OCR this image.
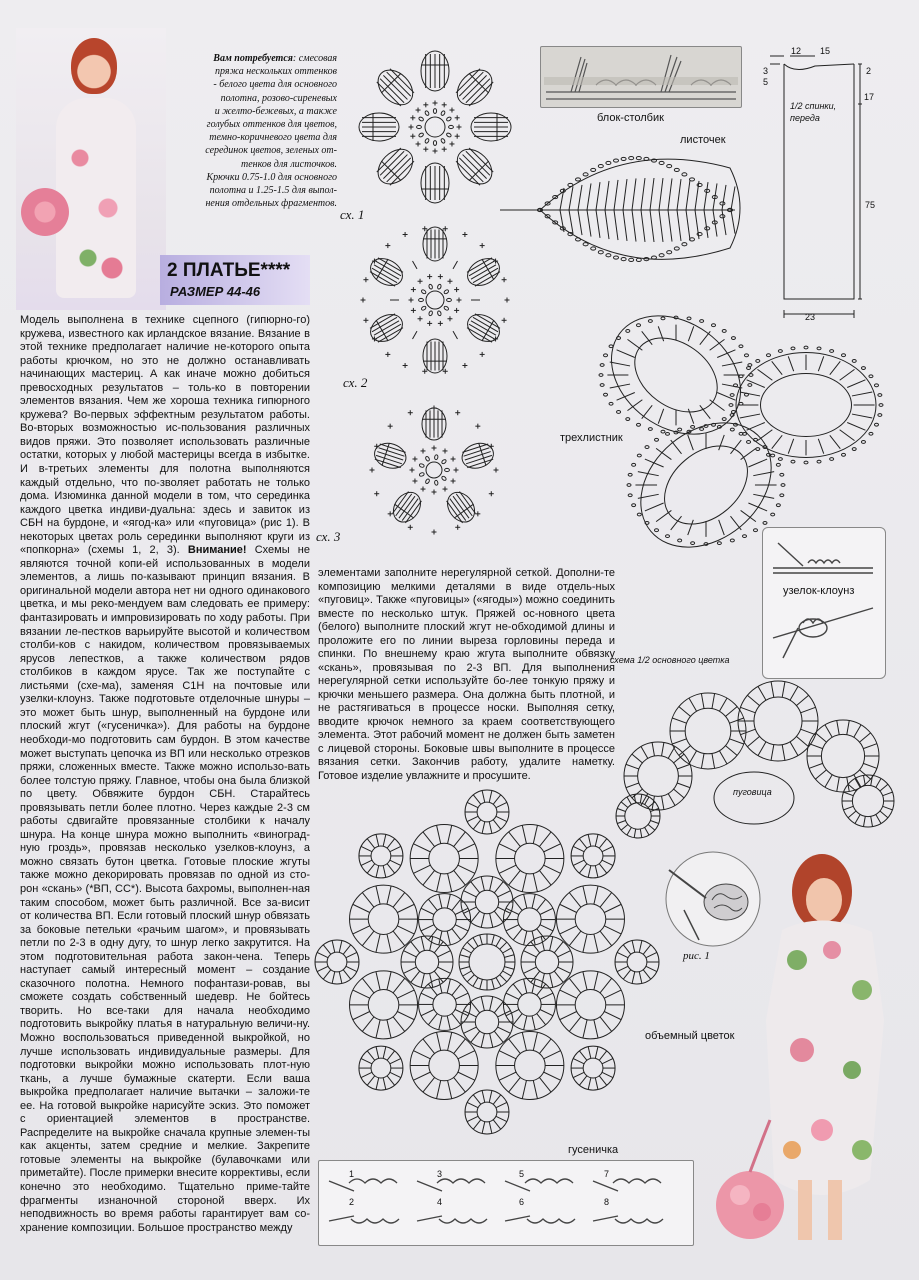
Вам потребуется: смесовая
пряжа нескольких оттенков
- белого цвета для основного
полотна, розово-сиреневых
и желто-бежевых, а также
голубых оттенков для цветов,
темно-коричневого цвета для
серединок цветов, зеленых от-
тенков для листочков.
Крючки 0.75-1.0 для основного
полотна и 1.25-1.5 для выпол-
нения отдельных фрагментов.
2 ПЛАТЬЕ****
РАЗМЕР 44-46
Модель выполнена в технике сцепного (гипюрно-го) кружева, известного как ирландское вязание. Вязание в этой технике предполагает наличие не-которого опыта работы крючком, но это не должно останавливать начинающих мастериц. А как иначе можно добиться превосходных результатов – толь-ко в повторении элементов вязания. Чем же хороша техника гипюрного кружева? Во-первых эффектным результатом работы. Во-вторых возможностью ис-пользования различных видов пряжи. Это позволяет использовать различные остатки, которых у любой мастерицы всегда в избытке. И в-третьих элементы для полотна выполняются каждый отдельно, что по-зволяет работать не только дома. Изюминка данной модели в том, что серединка каждого цветка индиви-дуальна: здесь и завиток из СБН на бурдоне, и «ягод-ка» или «пуговица» (рис 1). В некоторых цветах роль серединки выполняют круги из «попкорна» (схемы 1, 2, 3). Внимание! Схемы не являются точной копи-ей использованных в модели элементов, а лишь по-казывают принцип вязания. В оригинальной модели автора нет ни одного одинакового цветка, и мы реко-мендуем вам следовать ее примеру: фантазировать и импровизировать по ходу работы. При вязании ле-пестков варьируйте высотой и количеством столби-ков с накидом, количеством провязываемых ярусов лепестков, а также количеством рядов столбиков в каждом ярусе. Так же поступайте с листьями (схе-ма), заменяя С1Н на почтовые или узелки-клоунз. Также подготовьте отделочные шнуры – это может быть шнур, выполненный на бурдоне или плоский жгут («гусеничка»). Для работы на бурдоне необходи-мо подготовить сам бурдон. В этом качестве может выступать цепочка из ВП или несколько отрезков пряжи, сложенных вместе. Также можно использо-вать более толстую пряжу. Главное, чтобы она была близкой по цвету. Обвяжите бурдон СБН. Старайтесь провязывать петли более плотно. Через каждые 2-3 см работы сдвигайте провязанные столбики к началу шнура. На конце шнура можно выполнить «виноград-ную гроздь», провязав несколько узелков-клоунз, а можно связать бутон цветка. Готовые плоские жгуты также можно декорировать провязав по одной из сто-рон «скань» (*ВП, СС*). Высота бахромы, выполнен-ная таким способом, может быть различной. Все за-висит от количества ВП. Если готовый плоский шнур обвязать за боковые петельки «рачьим шагом», и провязывать петли по 2-3 в одну дугу, то шнур легко закрутится. На этом подготовительная работа закон-чена. Теперь наступает самый интересный момент – создание сказочного полотна. Немного пофантази-ровав, вы сможете создать собственный шедевр. Не бойтесь творить. Но все-таки для начала необходимо подготовить выкройку платья в натуральную величи-ну. Можно воспользоваться приведенной выкройкой, но лучше использовать индивидуальные размеры. Для подготовки выкройки можно использовать плот-ную ткань, а лучше бумажные скатерти. Если ваша выкройка предполагает наличие вытачки – заложи-те ее. На готовой выкройке нарисуйте эскиз. Это поможет с ориентацией элементов в пространстве. Распределите на выкройке сначала крупные элемен-ты как акценты, затем средние и мелкие. Закрепите готовые элементы на выкройке (булавочками или приметайте). После примерки внесите коррективы, если конечно это необходимо. Тщательно приме-тайте фрагменты изнаночной стороной вверх. Их неподвижность во время работы гарантирует вам со-хранение композиции. Большое пространство между
элементами заполните нерегулярной сеткой. Дополни-те композицию мелкими деталями в виде отдель-ных «пуговиц». Также «пуговицы» («ягоды») можно соединить вместе по несколько штук. Пряжей ос-новного цвета (белого) выполните плоский жгут не-обходимой длины и проложите его по линии выреза горловины переда и спинки. По внешнему краю жгута выполните обвязку «скань», провязывая по 2-3 ВП. Для выполнения нерегулярной сетки используйте бо-лее тонкую пряжу и крючки меньшего размера. Она должна быть плотной, и не растягиваться в процессе носки. Выполняя сетку, вводите крючок немного за краем соответствующего элемента. Этот рабочий момент не должен быть заметен с лицевой стороны. Боковые швы выполните в процессе вязания сетки. Закончив работу, удалите наметку. Готовое изделие увлажните и просушите.
сх. 1
сх. 2
сх. 3
блок-столбик
листочек
12 15
3
5
2
17
75
23
1/2 спинки, переда
трехлистник
узелок-клоунз
схема 1/2 основного цветка
пуговица
объемный цветок
рис. 1
1
2
3
4
5
6
7
8
гусеничка
